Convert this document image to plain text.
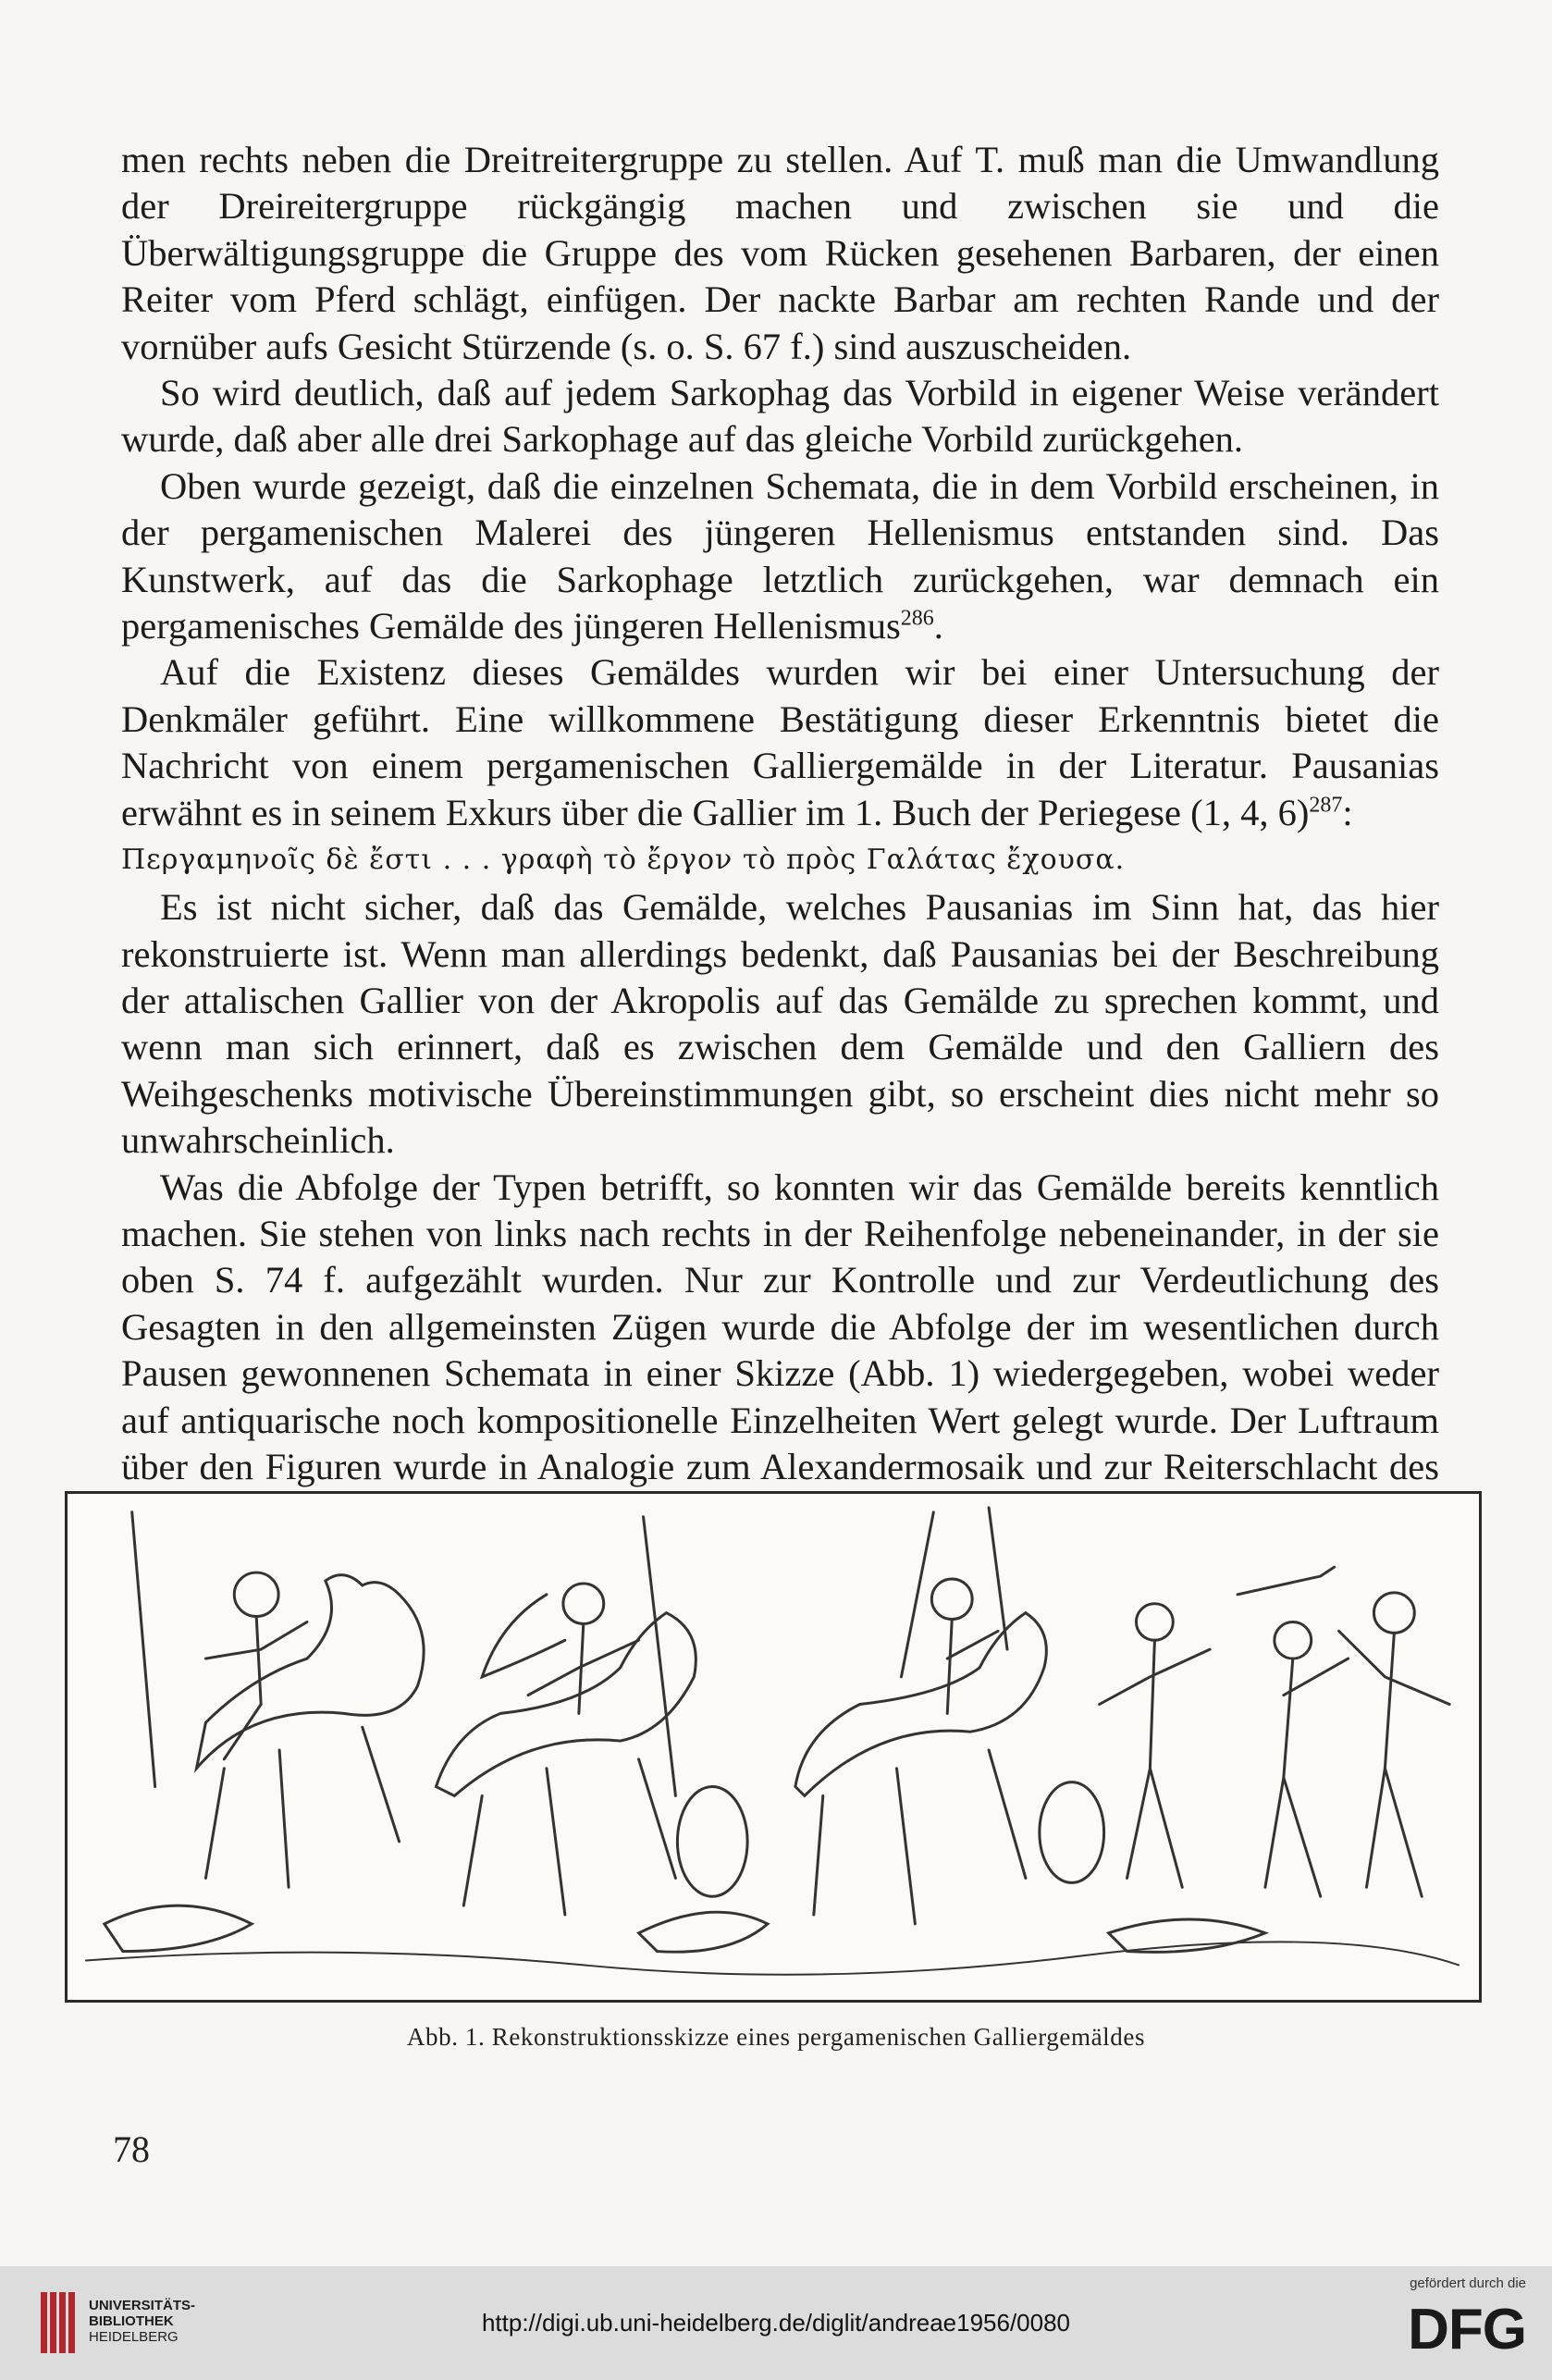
men rechts neben die Dreitreitergruppe zu stellen. Auf T. muß man die Umwandlung der Dreireitergruppe rückgängig machen und zwischen sie und die Überwältigungsgruppe die Gruppe des vom Rücken gesehenen Barbaren, der einen Reiter vom Pferd schlägt, einfügen. Der nackte Barbar am rechten Rande und der vornüber aufs Gesicht Stürzende (s. o. S. 67 f.) sind auszuscheiden.

So wird deutlich, daß auf jedem Sarkophag das Vorbild in eigener Weise verändert wurde, daß aber alle drei Sarkophage auf das gleiche Vorbild zurückgehen.

Oben wurde gezeigt, daß die einzelnen Schemata, die in dem Vorbild erscheinen, in der pergamenischen Malerei des jüngeren Hellenismus entstanden sind. Das Kunstwerk, auf das die Sarkophage letztlich zurückgehen, war demnach ein pergamenisches Gemälde des jüngeren Hellenismus$^{286}$.

Auf die Existenz dieses Gemäldes wurden wir bei einer Untersuchung der Denkmäler geführt. Eine willkommene Bestätigung dieser Erkenntnis bietet die Nachricht von einem pergamenischen Galliergemälde in der Literatur. Pausanias erwähnt es in seinem Exkurs über die Gallier im 1. Buch der Periegese (1, 4, 6)$^{287}$:

Περγαμηνοῖς δὲ ἔστι . . . γραφὴ τὸ ἔργον τὸ πρὸς Γαλάτας ἔχουσα.

Es ist nicht sicher, daß das Gemälde, welches Pausanias im Sinn hat, das hier rekonstruierte ist. Wenn man allerdings bedenkt, daß Pausanias bei der Beschreibung der attalischen Gallier von der Akropolis auf das Gemälde zu sprechen kommt, und wenn man sich erinnert, daß es zwischen dem Gemälde und den Galliern des Weihgeschenks motivische Übereinstimmungen gibt, so erscheint dies nicht mehr so unwahrscheinlich.

Was die Abfolge der Typen betrifft, so konnten wir das Gemälde bereits kenntlich machen. Sie stehen von links nach rechts in der Reihenfolge nebeneinander, in der sie oben S. 74 f. aufgezählt wurden. Nur zur Kontrolle und zur Verdeutlichung des Gesagten in den allgemeinsten Zügen wurde die Abfolge der im wesentlichen durch Pausen gewonnenen Schemata in einer Skizze (Abb. 1) wiedergegeben, wobei weder auf antiquarische noch kompositionelle Einzelheiten Wert gelegt wurde. Der Luftraum über den Figuren wurde in Analogie zum Alexandermosaik und zur Reiterschlacht des

Abb. 1. Rekonstruktionsskizze eines pergamenischen Galliergemäldes
78
UNIVERSITÄTS-
BIBLIOTHEK
HEIDELBERG
http://digi.ub.uni-heidelberg.de/diglit/andreae1956/0080
gefördert durch die
DFG
